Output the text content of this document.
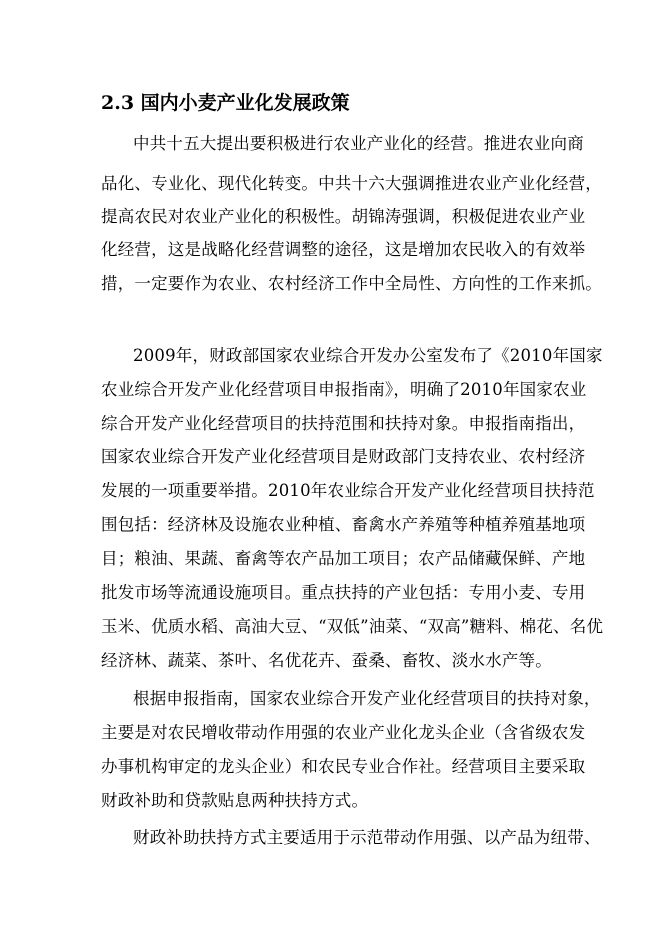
2.3 国内小麦产业化发展政策
中共十五大提出要积极进行农业产业化的经营。推进农业向商
品化、专业化、现代化转变。中共十六大强调推进农业产业化经营，
提高农民对农业产业化的积极性。胡锦涛强调，积极促进农业产业
化经营，这是战略化经营调整的途径，这是增加农民收入的有效举
措，一定要作为农业、农村经济工作中全局性、方向性的工作来抓。
2009年，财政部国家农业综合开发办公室发布了《2010年国家
农业综合开发产业化经营项目申报指南》，明确了2010年国家农业
综合开发产业化经营项目的扶持范围和扶持对象。申报指南指出，
国家农业综合开发产业化经营项目是财政部门支持农业、农村经济
发展的一项重要举措。2010年农业综合开发产业化经营项目扶持范
围包括：经济林及设施农业种植、畜禽水产养殖等种植养殖基地项
目；粮油、果蔬、畜禽等农产品加工项目；农产品储藏保鲜、产地
批发市场等流通设施项目。重点扶持的产业包括：专用小麦、专用
玉米、优质水稻、高油大豆、“双低”油菜、“双高”糖料、棉花、名优
经济林、蔬菜、茶叶、名优花卉、蚕桑、畜牧、淡水水产等。
根据申报指南，国家农业综合开发产业化经营项目的扶持对象，
主要是对农民增收带动作用强的农业产业化龙头企业（含省级农发
办事机构审定的龙头企业）和农民专业合作社。经营项目主要采取
财政补助和贷款贴息两种扶持方式。
财政补助扶持方式主要适用于示范带动作用强、以产品为纽带、
